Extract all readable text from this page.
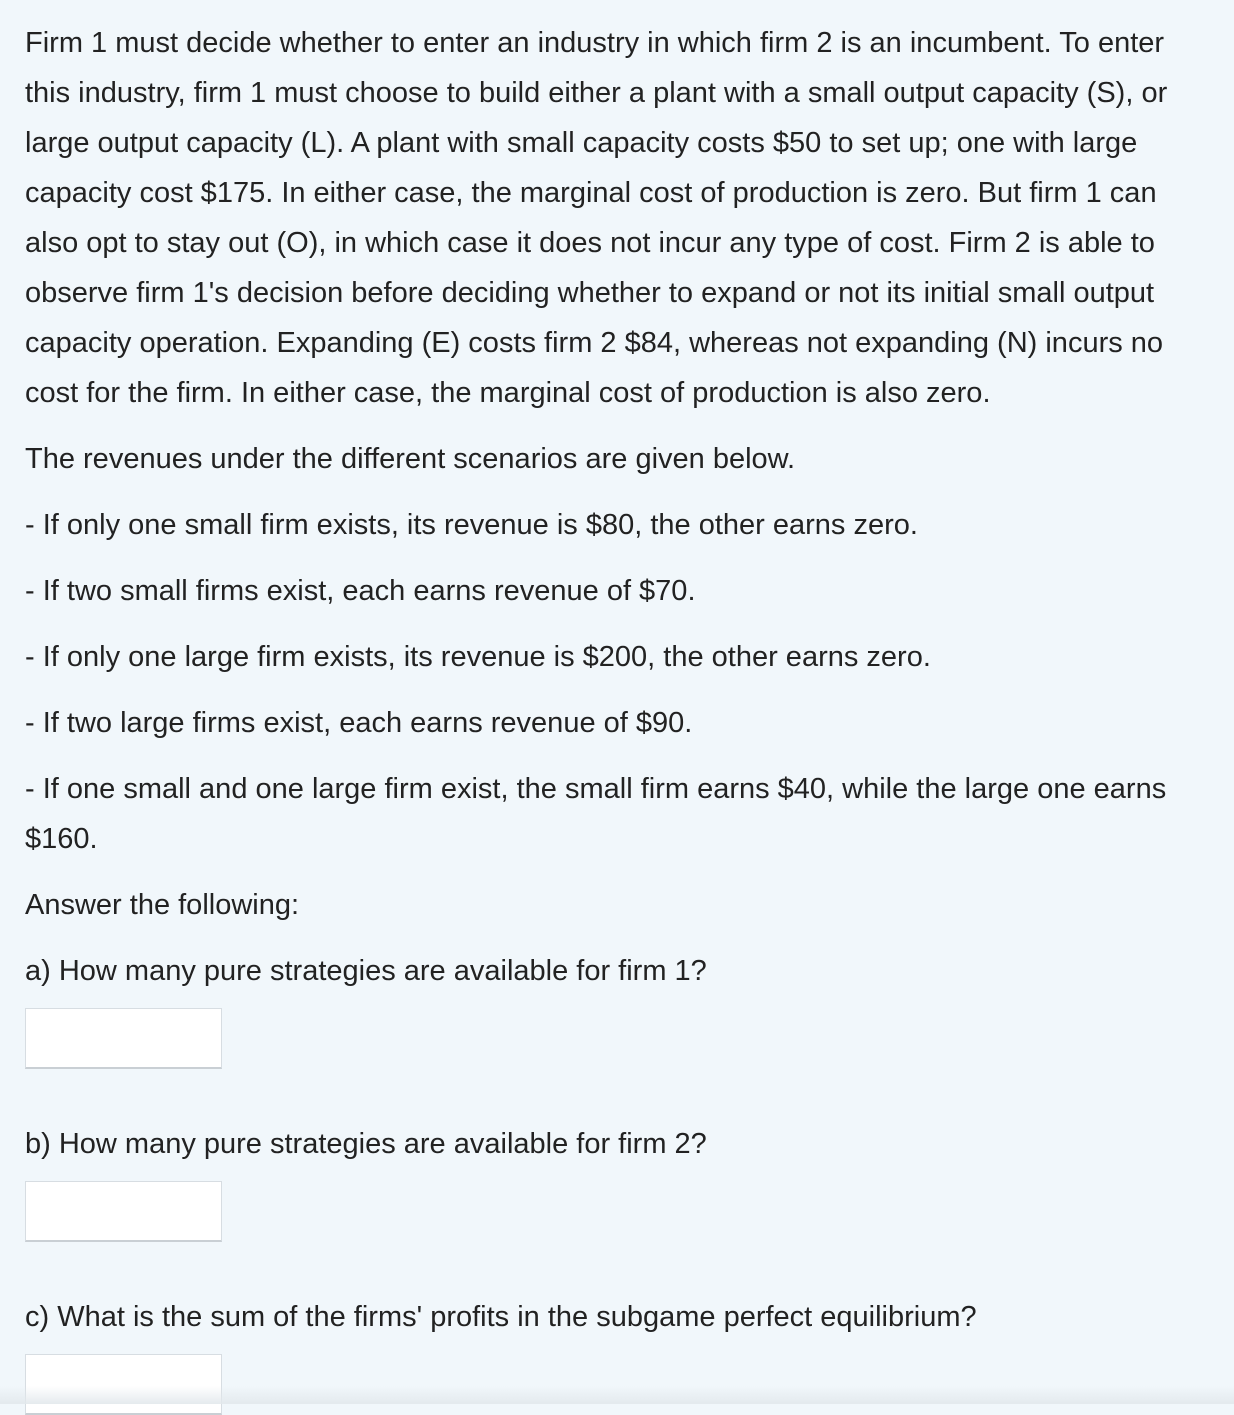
Firm 1 must decide whether to enter an industry in which firm 2 is an incumbent. To enter this industry, firm 1 must choose to build either a plant with a small output capacity (S), or large output capacity (L). A plant with small capacity costs $50 to set up; one with large capacity cost $175. In either case, the marginal cost of production is zero. But firm 1 can also opt to stay out (O), in which case it does not incur any type of cost. Firm 2 is able to observe firm 1's decision before deciding whether to expand or not its initial small output capacity operation. Expanding (E) costs firm 2 $84, whereas not expanding (N) incurs no cost for the firm. In either case, the marginal cost of production is also zero.

The revenues under the different scenarios are given below.

- If only one small firm exists, its revenue is $80, the other earns zero.

- If two small firms exist, each earns revenue of $70.

- If only one large firm exists, its revenue is $200, the other earns zero.

- If two large firms exist, each earns revenue of $90.

- If one small and one large firm exist, the small firm earns $40, while the large one earns $160.

Answer the following:

a) How many pure strategies are available for firm 1?

b) How many pure strategies are available for firm 2?

c) What is the sum of the firms' profits in the subgame perfect equilibrium?
